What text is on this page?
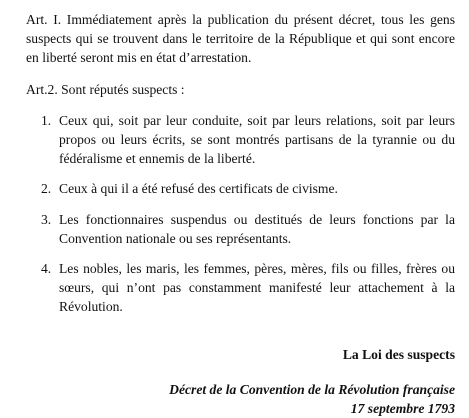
Art. I. Immédiatement après la publication du présent décret, tous les gens suspects qui se trouvent dans le territoire de la République et qui sont encore en liberté seront mis en état d’arrestation.

Art.2. Sont réputés suspects :

1. Ceux qui, soit par leur conduite, soit par leurs relations, soit par leurs propos ou leurs écrits, se sont montrés partisans de la tyrannie ou du fédéralisme et ennemis de la liberté.
2. Ceux à qui il a été refusé des certificats de civisme.
3. Les fonctionnaires suspendus ou destitués de leurs fonctions par la Convention nationale ou ses représentants.
4. Les nobles, les maris, les femmes, pères, mères, fils ou filles, frères ou sœurs, qui n’ont pas constamment manifesté leur attachement à la Révolution.
La Loi des suspects
Décret de la Convention de la Révolution française
17 septembre 1793
